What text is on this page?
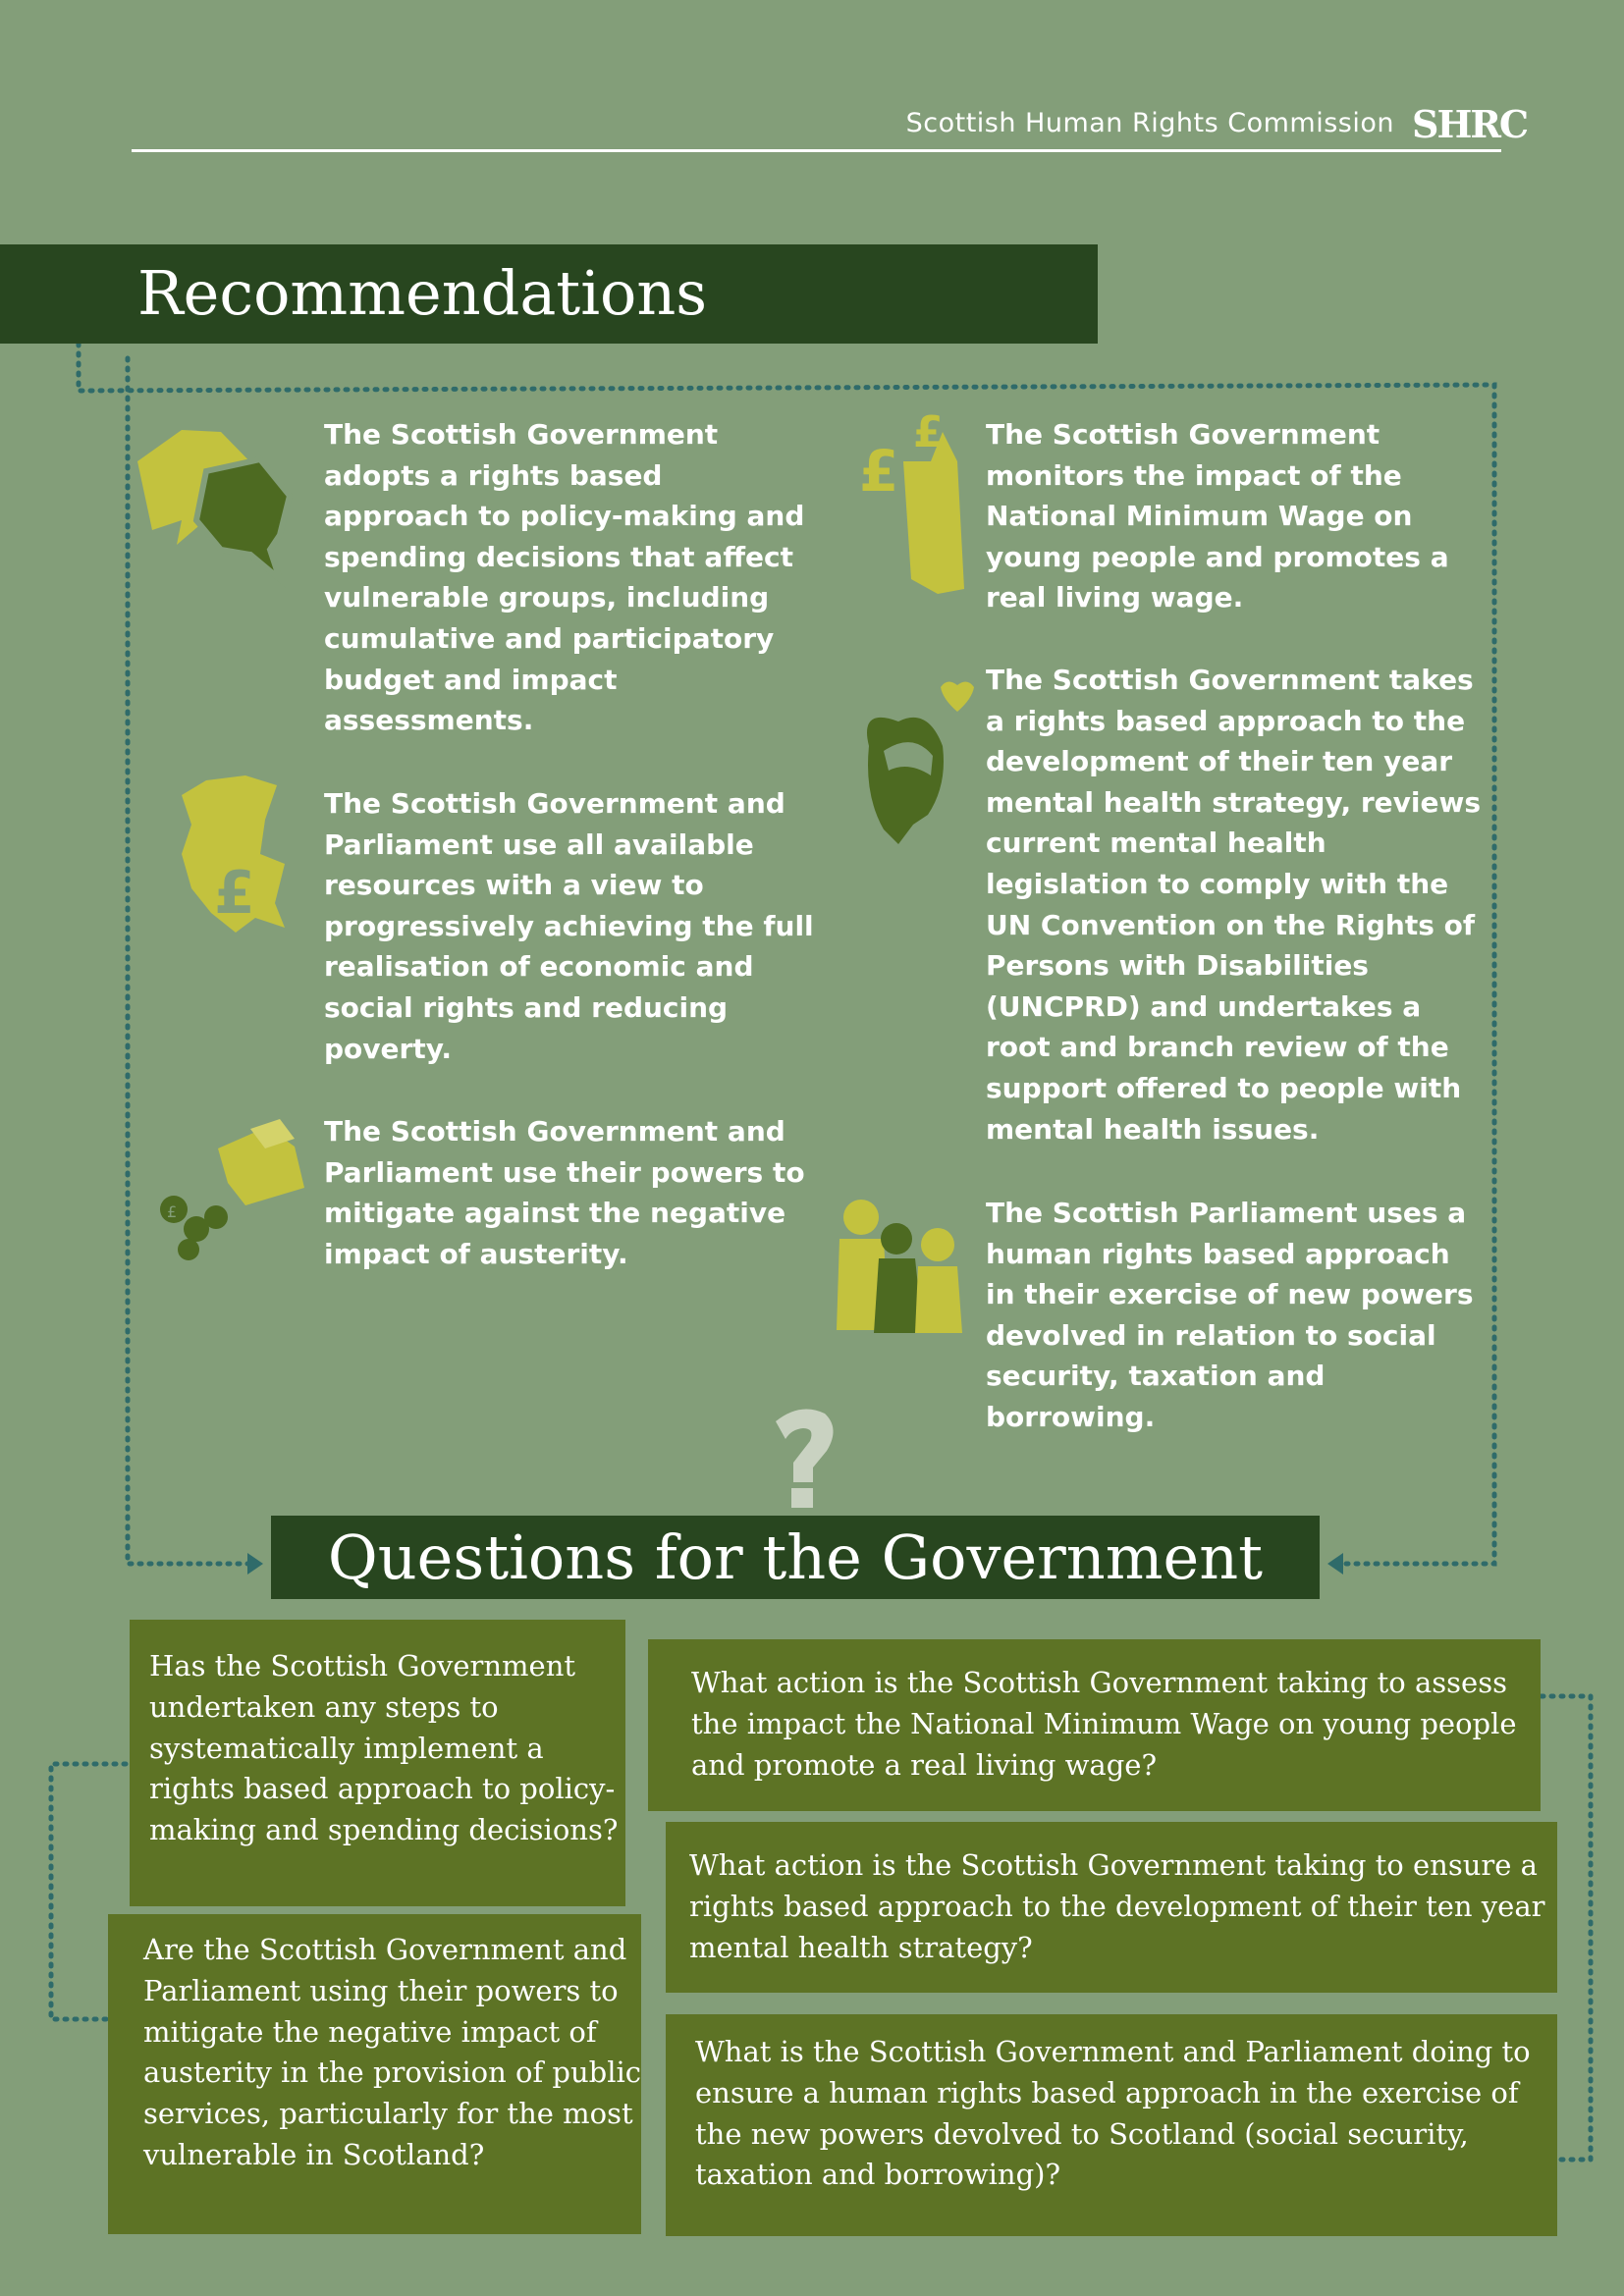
£
£
£
£
Scottish Human Rights Commission SHRC
Recommendations
The Scottish Government adopts a rights based approach to policy-making and spending decisions that affect vulnerable groups, including cumulative and participatory budget and impact assessments.
The Scottish Government and Parliament use all available resources with a view to progressively achieving the full realisation of economic and social rights and reducing poverty.
The Scottish Government and Parliament use their powers to mitigate against the negative impact of austerity.
The Scottish Government monitors the impact of the National Minimum Wage on young people and promotes a real living wage.
The Scottish Government takes a rights based approach to the development of their ten year mental health strategy, reviews current mental health legislation to comply with the UN Convention on the Rights of Persons with Disabilities (UNCPRD) and undertakes a root and branch review of the support offered to people with mental health issues.
The Scottish Parliament uses a human rights based approach in their exercise of new powers devolved in relation to social security, taxation and borrowing.
Questions for the Government
Has the Scottish Government undertaken any steps to systematically implement a rights based approach to policy-making and spending decisions?
Are the Scottish Government and Parliament using their powers to mitigate the negative impact of austerity in the provision of public services, particularly for the most vulnerable in Scotland?
What action is the Scottish Government taking to assess the impact the National Minimum Wage on young people and promote a real living wage?
What action is the Scottish Government taking to ensure a rights based approach to the development of their ten year mental health strategy?
What is the Scottish Government and Parliament doing to ensure a human rights based approach in the exercise of the new powers devolved to Scotland (social security, taxation and borrowing)?
